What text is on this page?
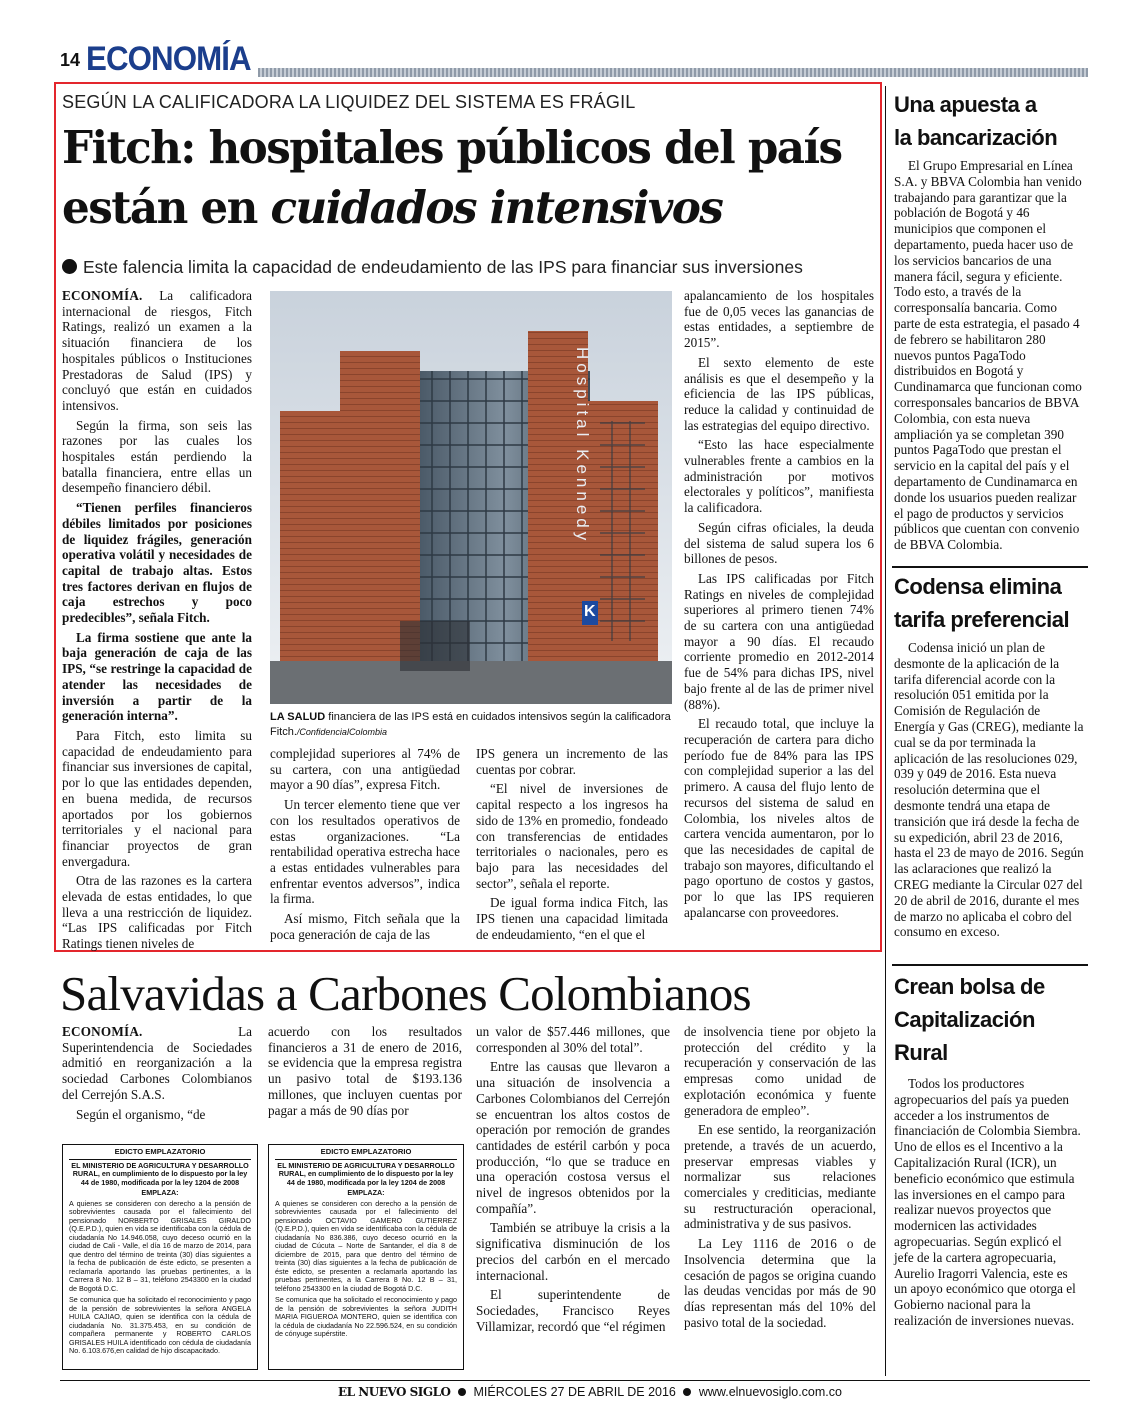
14 ECONOMÍA
SEGÚN LA CALIFICADORA LA LIQUIDEZ DEL SISTEMA ES FRÁGIL
Fitch: hospitales públicos del país
están en cuidados intensivos
Este falencia limita la capacidad de endeudamiento de las IPS para financiar sus inversiones

ECONOMÍA. La calificadora internacional de riesgos, Fitch Ratings, realizó un examen a la situación financiera de los hospitales públicos o Instituciones Prestadoras de Salud (IPS) y concluyó que están en cuidados intensivos.

Según la firma, son seis las razones por las cuales los hospitales están perdiendo la batalla financiera, entre ellas un desempeño financiero débil.

“Tienen perfiles financieros débiles limitados por posiciones de liquidez frágiles, generación operativa volátil y necesidades de capital de trabajo altas. Estos tres factores derivan en flujos de caja estrechos y poco predecibles”, señala Fitch.

La firma sostiene que ante la baja generación de caja de las IPS, “se restringe la capacidad de atender las necesidades de inversión a partir de la generación interna”.

Para Fitch, esto limita su capacidad de endeudamiento para financiar sus inversiones de capital, por lo que las entidades dependen, en buena medida, de recursos aportados por los gobiernos territoriales y el nacional para financiar proyectos de gran envergadura.

Otra de las razones es la cartera elevada de estas entidades, lo que lleva a una restricción de liquidez. “Las IPS calificadas por Fitch Ratings tienen niveles de

Hospital Kennedy
K
LA SALUD financiera de las IPS está en cuidados intensivos según la calificadora Fitch./ConfidencialColombia

complejidad superiores al 74% de su cartera, con una antigüedad mayor a 90 días”, expresa Fitch.

Un tercer elemento tiene que ver con los resultados operativos de estas organizaciones. “La rentabilidad operativa estrecha hace a estas entidades vulnerables para enfrentar eventos adversos”, indica la firma.

Así mismo, Fitch señala que la poca generación de caja de las

IPS genera un incremento de las cuentas por cobrar.

“El nivel de inversiones de capital respecto a los ingresos ha sido de 13% en promedio, fondeado con transferencias de entidades territoriales o nacionales, pero es bajo para las necesidades del sector”, señala el reporte.

De igual forma indica Fitch, las IPS tienen una capacidad limitada de endeudamiento, “en el que el

apalancamiento de los hospitales fue de 0,05 veces las ganancias de estas entidades, a septiembre de 2015”.

El sexto elemento de este análisis es que el desempeño y la eficiencia de las IPS públicas, reduce la calidad y continuidad de las estrategias del equipo directivo.

“Esto las hace especialmente vulnerables frente a cambios en la administración por motivos electorales y políticos”, manifiesta la calificadora.

Según cifras oficiales, la deuda del sistema de salud supera los 6 billones de pesos.

Las IPS calificadas por Fitch Ratings en niveles de complejidad superiores al primero tienen 74% de su cartera con una antigüedad mayor a 90 días. El recaudo corriente promedio en 2012-2014 fue de 54% para dichas IPS, nivel bajo frente al de las de primer nivel (88%).

El recaudo total, que incluye la recuperación de cartera para dicho período fue de 84% para las IPS con complejidad superior a las del primero. A causa del flujo lento de recursos del sistema de salud en Colombia, los niveles altos de cartera vencida aumentaron, por lo que las necesidades de capital de trabajo son mayores, dificultando el pago oportuno de costos y gastos, por lo que las IPS requieren apalancarse con proveedores.

Una apuesta a
la bancarización

El Grupo Empresarial en Línea S.A. y BBVA Colombia han venido trabajando para garantizar que la población de Bogotá y 46 municipios que componen el departamento, pueda hacer uso de los servicios bancarios de una manera fácil, segura y eficiente. Todo esto, a través de la corresponsalía bancaria. Como parte de esta estrategia, el pasado 4 de febrero se habilitaron 280 nuevos puntos PagaTodo distribuidos en Bogotá y Cundinamarca que funcionan como corresponsales bancarios de BBVA Colombia, con esta nueva ampliación ya se completan 390 puntos PagaTodo que prestan el servicio en la capital del país y el departamento de Cundinamarca en donde los usuarios pueden realizar el pago de productos y servicios públicos que cuentan con convenio de BBVA Colombia.

Codensa elimina
tarifa preferencial

Codensa inició un plan de desmonte de la aplicación de la tarifa diferencial acorde con la resolución 051 emitida por la Comisión de Regulación de Energía y Gas (CREG), mediante la cual se da por terminada la aplicación de las resoluciones 029, 039 y 049 de 2016. Esta nueva resolución determina que el desmonte tendrá una etapa de transición que irá desde la fecha de su expedición, abril 23 de 2016, hasta el 23 de mayo de 2016. Según las aclaraciones que realizó la CREG mediante la Circular 027 del 20 de abril de 2016, durante el mes de marzo no aplicaba el cobro del consumo en exceso.

Crean bolsa de
Capitalización
Rural

Todos los productores agropecuarios del país ya pueden acceder a los instrumentos de financiación de Colombia Siembra. Uno de ellos es el Incentivo a la Capitalización Rural (ICR), un beneficio económico que estimula las inversiones en el campo para realizar nuevos proyectos que modernicen las actividades agropecuarias. Según explicó el jefe de la cartera agropecuaria, Aurelio Iragorri Valencia, este es un apoyo económico que otorga el Gobierno nacional para la realización de inversiones nuevas.

Salvavidas a Carbones Colombianos

ECONOMÍA. La Superintendencia de Sociedades admitió en reorganización a la sociedad Carbones Colombianos del Cerrejón S.A.S.

Según el organismo, “de

acuerdo con los resultados financieros a 31 de enero de 2016, se evidencia que la empresa registra un pasivo total de $193.136 millones, que incluyen cuentas por pagar a más de 90 días por

un valor de $57.446 millones, que corresponden al 30% del total”.

Entre las causas que llevaron a una situación de insolvencia a Carbones Colombianos del Cerrejón se encuentran los altos costos de operación por remoción de grandes cantidades de estéril carbón y poca producción, “lo que se traduce en una operación costosa versus el nivel de ingresos obtenidos por la compañía”.

También se atribuye la crisis a la significativa disminución de los precios del carbón en el mercado internacional.

El superintendente de Sociedades, Francisco Reyes Villamizar, recordó que “el régimen

de insolvencia tiene por objeto la protección del crédito y la recuperación y conservación de las empresas como unidad de explotación económica y fuente generadora de empleo”.

En ese sentido, la reorganización pretende, a través de un acuerdo, preservar empresas viables y normalizar sus relaciones comerciales y crediticias, mediante su restructuración operacional, administrativa y de sus pasivos.

La Ley 1116 de 2016 o de Insolvencia determina que la cesación de pagos se origina cuando las deudas vencidas por más de 90 días representan más del 10% del pasivo total de la sociedad.

EDICTO EMPLAZATORIO
EL MINISTERIO DE AGRICULTURA Y DESARROLLO RURAL, en cumplimiento de lo dispuesto por la ley 44 de 1980, modificada por la ley 1204 de 2008
EMPLAZA:

A quienes se consideren con derecho a la pensión de sobrevivientes causada por el fallecimiento del pensionado NORBERTO GRISALES GIRALDO (Q.E.P.D.), quien en vida se identificaba con la cédula de ciudadanía No 14.946.058, cuyo deceso ocurrió en la ciudad de Cali - Valle, el día 16 de marzo de 2014, para que dentro del término de treinta (30) días siguientes a la fecha de publicación de éste edicto, se presenten a reclamarla aportando las pruebas pertinentes, a la Carrera 8 No. 12 B – 31, teléfono 2543300 en la ciudad de Bogotá D.C.

Se comunica que ha solicitado el reconocimiento y pago de la pensión de sobrevivientes la señora ANGELA HUILA CAJIAO, quien se identifica con la cédula de ciudadanía No. 31.375.453, en su condición de compañera permanente y ROBERTO CARLOS GRISALES HUILA identificado con cédula de ciudadanía No. 6.103.676,en calidad de hijo discapacitado.

EDICTO EMPLAZATORIO
EL MINISTERIO DE AGRICULTURA Y DESARROLLO RURAL, en cumplimiento de lo dispuesto por la ley 44 de 1980, modificada por la ley 1204 de 2008
EMPLAZA:

A quienes se consideren con derecho a la pensión de sobrevivientes causada por el fallecimiento del pensionado OCTAVIO GAMERO GUTIERREZ (Q.E.P.D.), quien en vida se identificaba con la cédula de ciudadanía No 836.386, cuyo deceso ocurrió en la ciudad de Cúcuta – Norte de Santander, el día 8 de diciembre de 2015, para que dentro del término de treinta (30) días siguientes a la fecha de publicación de éste edicto, se presenten a reclamarla aportando las pruebas pertinentes, a la Carrera 8 No. 12 B – 31, teléfono 2543300 en la ciudad de Bogotá D.C.

Se comunica que ha solicitado el reconocimiento y pago de la pensión de sobrevivientes la señora JUDITH MARIA FIGUEROA MONTERO, quien se identifica con la cédula de ciudadanía No 22.596.524, en su condición de cónyuge supérstite.

EL NUEVO SIGLO MIÉRCOLES 27 DE ABRIL DE 2016 www.elnuevosiglo.com.co
